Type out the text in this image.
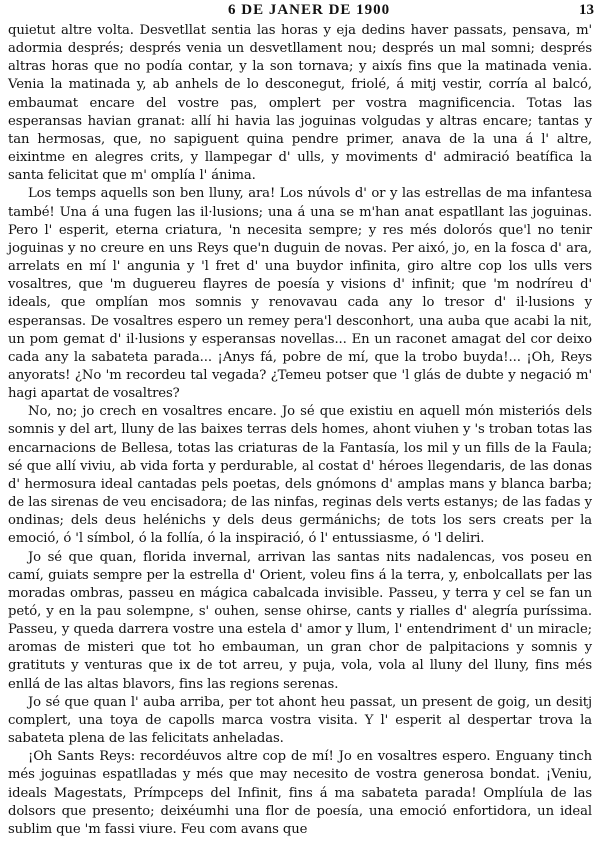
6 DE JANER DE 1900	13

quietut altre volta. Desvetllat sentia las horas y eja dedins haver passats, pensava, m' adormia després; després venia un desvetllament nou; després un mal somni; després altras horas que no podía contar, y la son tornava; y aixís fins que la matinada venia. Venia la matinada y, ab anhels de lo desconegut, friolé, á mitj vestir, corría al balcó, embaumat encare del vostre pas, omplert per vostra magnificencia. Totas las esperansas havian granat: allí hi havia las joguinas volgudas y altras encare; tantas y tan hermosas, que, no sapiguent quina pendre primer, anava de la una á l' altre, eixintme en alegres crits, y llampegar d' ulls, y moviments d' admiració beatífica la santa felicitat que m' omplía l' ánima.

Los temps aquells son ben lluny, ara! Los núvols d' or y las estrellas de ma infantesa també! Una á una fugen las il·lusions; una á una se m'han anat espatllant las joguinas. Pero l' esperit, eterna criatura, 'n necesita sempre; y res més dolorós que'l no tenir joguinas y no creure en uns Reys que'n duguin de novas. Per aixó, jo, en la fosca d' ara, arrelats en mí l' angunia y 'l fret d' una buydor infinita, giro altre cop los ulls vers vosaltres, que 'm duguereu flayres de poesía y visions d' infinit; que 'm nodríreu d' ideals, que omplían mos somnis y renovavau cada any lo tresor d' il·lusions y esperansas. De vosaltres espero un remey pera'l desconhort, una auba que acabi la nit, un pom gemat d' il·lusions y esperansas novellas... En un raconet amagat del cor deixo cada any la sabateta parada... ¡Anys fá, pobre de mí, que la trobo buyda!... ¡Oh, Reys anyorats! ¿No 'm recordeu tal vegada? ¿Temeu potser que 'l glás de dubte y negació m' hagi apartat de vosaltres?

No, no; jo crech en vosaltres encare. Jo sé que existiu en aquell món misteriós dels somnis y del art, lluny de las baixes terras dels homes, ahont viuhen y 's troban totas las encarnacions de Bellesa, totas las criaturas de la Fantasía, los mil y un fills de la Faula; sé que allí viviu, ab vida forta y perdurable, al costat d' héroes llegendaris, de las donas d' hermosura ideal cantadas pels poetas, dels gnómons d' amplas mans y blanca barba; de las sirenas de veu encisadora; de las ninfas, reginas dels verts estanys; de las fadas y ondinas; dels deus helénichs y dels deus germánichs; de tots los sers creats per la emoció, ó 'l símbol, ó la follía, ó la inspiració, ó l' entussiasme, ó 'l deliri.

Jo sé que quan, florida invernal, arrivan las santas nits nadalencas, vos poseu en camí, guiats sempre per la estrella d' Orient, voleu fins á la terra, y, enbolcallats per las moradas ombras, passeu en mágica cabalcada invisible. Passeu, y terra y cel se fan un petó, y en la pau solempne, s' ouhen, sense ohirse, cants y rialles d' alegría puríssima. Passeu, y queda darrera vostre una estela d' amor y llum, l' entendriment d' un miracle; aromas de misteri que tot ho embauman, un gran chor de palpitacions y somnis y gratituts y venturas que ix de tot arreu, y puja, vola, vola al lluny del lluny, fins més enllá de las altas blavors, fins las regions serenas.

Jo sé que quan l' auba arriba, per tot ahont heu passat, un present de goig, un desitj complert, una toya de capolls marca vostra visita. Y l' esperit al despertar trova la sabateta plena de las felicitats anheladas.

¡Oh Sants Reys: recordéuvos altre cop de mí! Jo en vosaltres espero. Enguany tinch més joguinas espatlladas y més que may necesito de vostra generosa bondat. ¡Veniu, ideals Magestats, Prímpceps del Infinit, fins á ma sabateta parada! Omplíula de las dolsors que presento; deixéumhi una flor de poesía, una emoció enfortidora, un ideal sublim que 'm fassi viure. Feu com avans que
